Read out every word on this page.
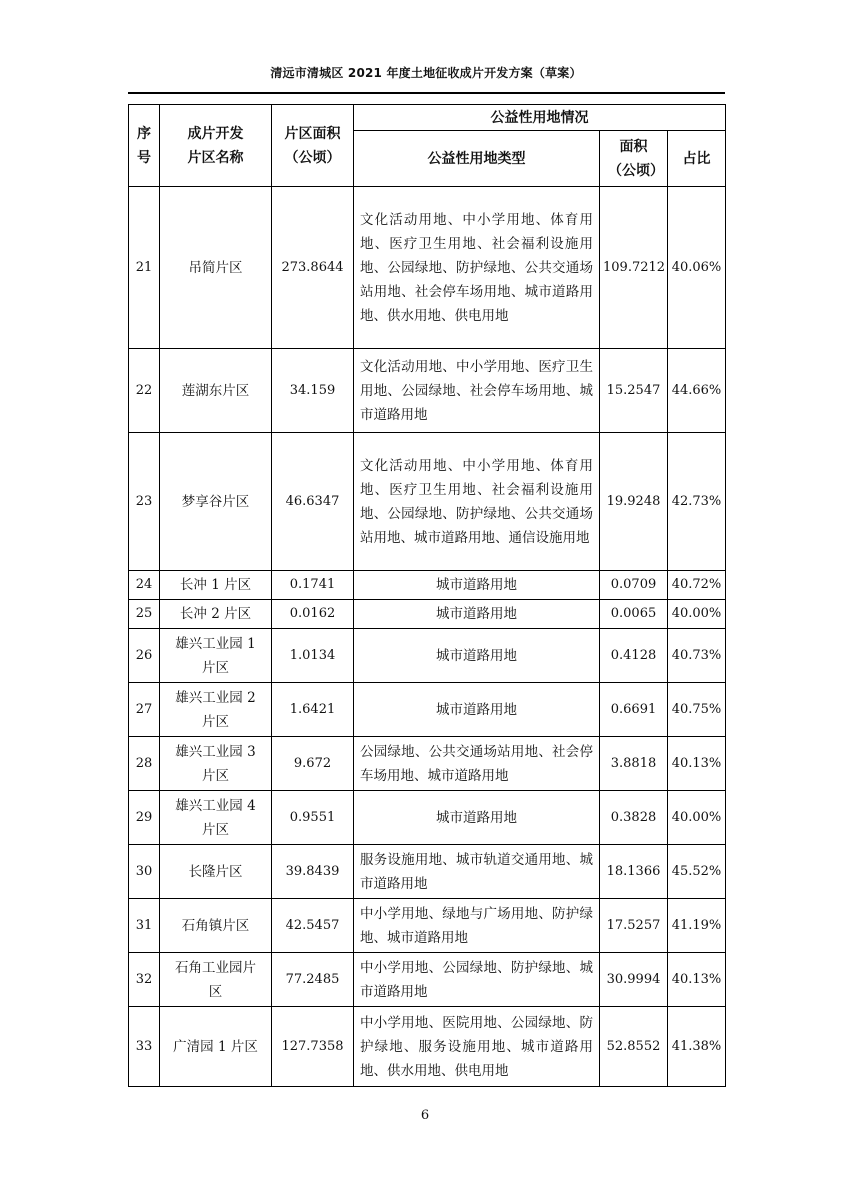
清远市清城区 2021 年度土地征收成片开发方案（草案）
序号	成片开发片区名称	片区面积（公顷）	公益性用地情况		
			公益性用地类型	面积（公顷）	占比
21	吊简片区	273.8644	文化活动用地、中小学用地、体育用地、医疗卫生用地、社会福利设施用地、公园绿地、防护绿地、公共交通场站用地、社会停车场用地、城市道路用地、供水用地、供电用地	109.7212	40.06%
22	莲湖东片区	34.159	文化活动用地、中小学用地、医疗卫生用地、公园绿地、社会停车场用地、城市道路用地	15.2547	44.66%
23	梦享谷片区	46.6347	文化活动用地、中小学用地、体育用地、医疗卫生用地、社会福利设施用地、公园绿地、防护绿地、公共交通场站用地、城市道路用地、通信设施用地	19.9248	42.73%
24	长冲 1 片区	0.1741	城市道路用地	0.0709	40.72%
25	长冲 2 片区	0.0162	城市道路用地	0.0065	40.00%
26	雄兴工业园 1 片区	1.0134	城市道路用地	0.4128	40.73%
27	雄兴工业园 2 片区	1.6421	城市道路用地	0.6691	40.75%
28	雄兴工业园 3 片区	9.672	公园绿地、公共交通场站用地、社会停车场用地、城市道路用地	3.8818	40.13%
29	雄兴工业园 4 片区	0.9551	城市道路用地	0.3828	40.00%
30	长隆片区	39.8439	服务设施用地、城市轨道交通用地、城市道路用地	18.1366	45.52%
31	石角镇片区	42.5457	中小学用地、绿地与广场用地、防护绿地、城市道路用地	17.5257	41.19%
32	石角工业园片区	77.2485	中小学用地、公园绿地、防护绿地、城市道路用地	30.9994	40.13%
33	广清园 1 片区	127.7358	中小学用地、医院用地、公园绿地、防护绿地、服务设施用地、城市道路用地、供水用地、供电用地	52.8552	41.38%
6
